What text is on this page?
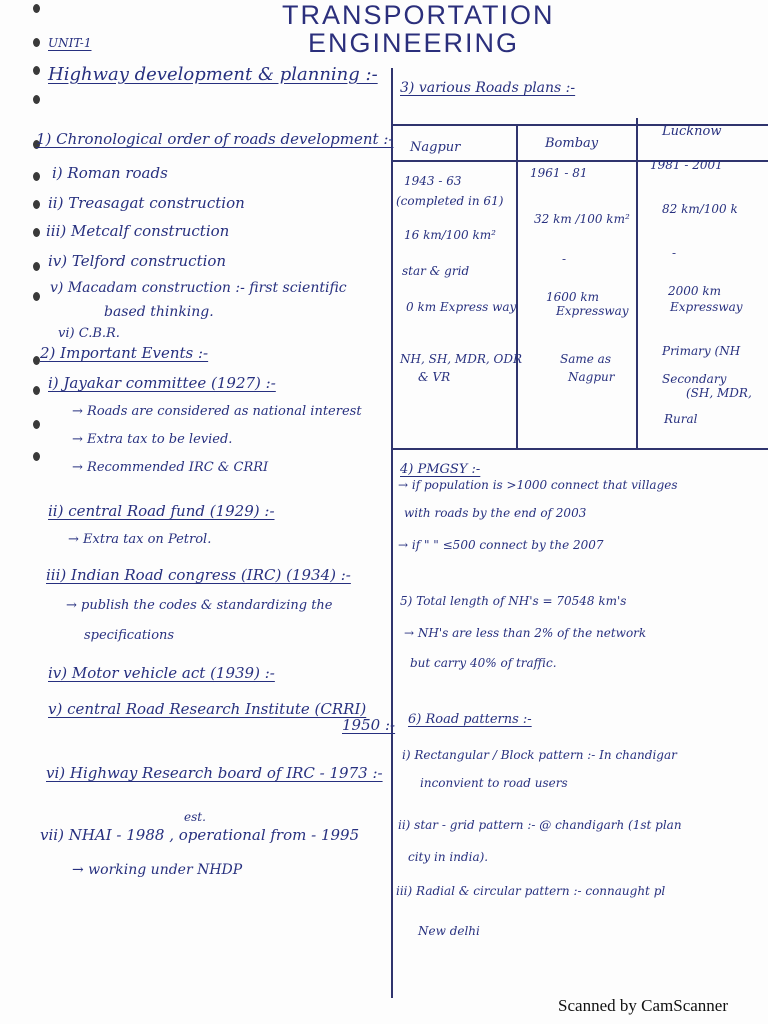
TRANSPORTATION
ENGINEERING
UNIT-1
Highway development & planning :-
1) Chronological order of roads development :-
i) Roman roads
ii) Treasagat construction
iii) Metcalf construction
iv) Telford construction
v) Macadam construction :- first scientific
based thinking.
vi) C.B.R.
2) Important Events :-
i) Jayakar committee (1927) :-
→ Roads are considered as national interest
→ Extra tax to be levied.
→ Recommended IRC & CRRI
ii) central Road fund (1929) :-
→ Extra tax on Petrol.
iii) Indian Road congress (IRC) (1934) :-
→ publish the codes & standardizing the
specifications
iv) Motor vehicle act (1939) :-
v) central Road Research Institute (CRRI)
1950 :-
vi) Highway Research board of IRC - 1973 :-
est.
vii) NHAI - 1988 , operational from - 1995
→ working under NHDP
3) various Roads plans :-
Nagpur	Bombay
Lucknow
1943 - 63
(completed in 61)
16 km/100 km²
star & grid
0 km Express way
NH, SH, MDR, ODR
& VR
1961 - 81
32 km /100 km²
-
1600 km
Expressway
Same as
Nagpur
1981 - 2001
82 km/100 k
-
2000 km
Expressway
Primary (NH
Secondary
(SH, MDR,
Rural
4) PMGSY :-
→ if population is >1000 connect that villages
with roads by the end of 2003
→ if " " ≤500 connect by the 2007
5) Total length of NH's = 70548 km's
→ NH's are less than 2% of the network
but carry 40% of traffic.
6) Road patterns :-
i) Rectangular / Block pattern :- In chandigar
inconvient to road users
ii) star - grid pattern :- @ chandigarh (1st plan
city in india).
iii) Radial & circular pattern :- connaught pl
New delhi
Scanned by CamScanner
